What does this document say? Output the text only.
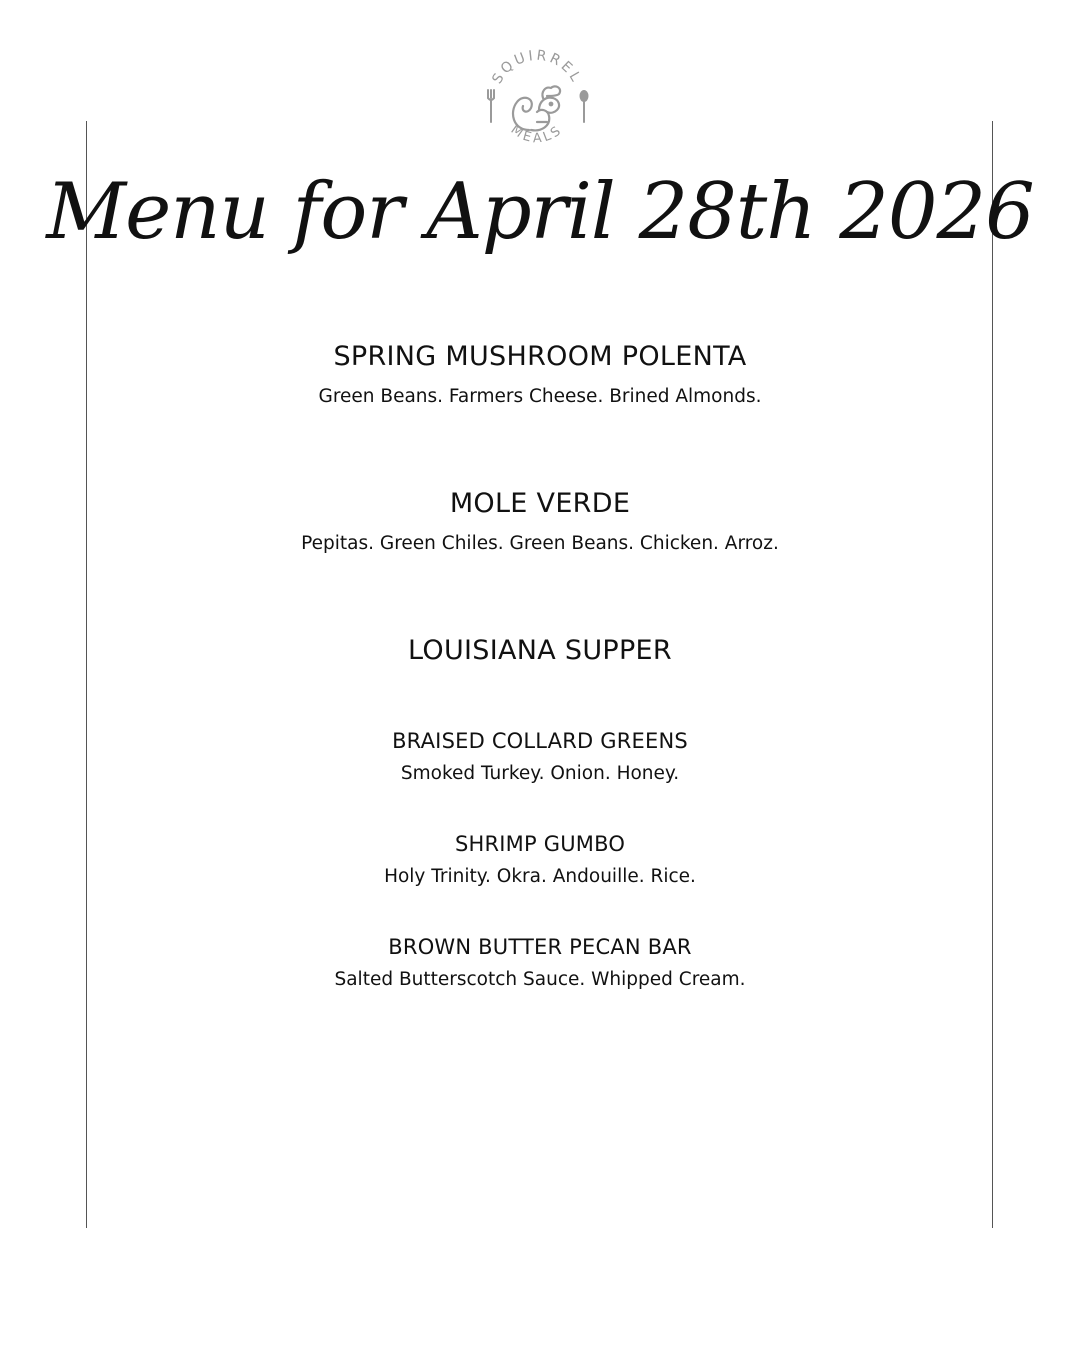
SQUIRREL
MEALS
Menu for April 28th 2026
SPRING MUSHROOM POLENTA
Green Beans. Farmers Cheese. Brined Almonds.
MOLE VERDE
Pepitas. Green Chiles. Green Beans. Chicken. Arroz.
LOUISIANA SUPPER
BRAISED COLLARD GREENS
Smoked Turkey. Onion. Honey.
SHRIMP GUMBO
Holy Trinity. Okra. Andouille. Rice.
BROWN BUTTER PECAN BAR
Salted Butterscotch Sauce. Whipped Cream.
